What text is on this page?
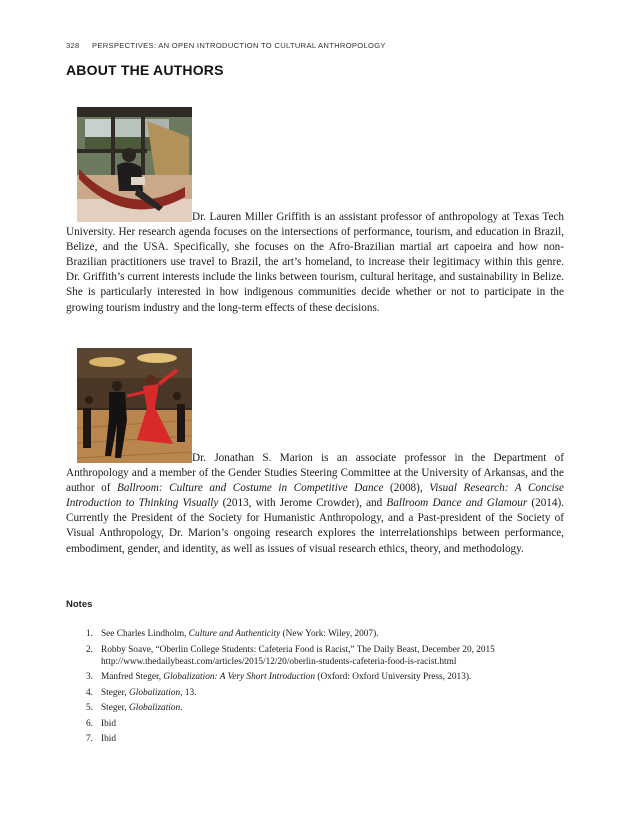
328 PERSPECTIVES: AN OPEN INTRODUCTION TO CULTURAL ANTHROPOLOGY
ABOUT THE AUTHORS

Dr. Lauren Miller Griffith is an assistant professor of anthropology at Texas Tech University. Her research agenda focuses on the intersections of performance, tourism, and education in Brazil, Belize, and the USA. Specifically, she focuses on the Afro-Brazilian martial art capoeira and how non-Brazilian practitioners use travel to Brazil, the art’s homeland, to increase their legitimacy within this genre. Dr. Griffith’s current interests include the links between tourism, cultural heritage, and sustainability in Belize. She is particularly interested in how indigenous communities decide whether or not to participate in the growing tourism industry and the long-term effects of these decisions.

Dr. Jonathan S. Marion is an associate professor in the Department of Anthropology and a member of the Gender Studies Steering Committee at the University of Arkansas, and the author of Ballroom: Culture and Costume in Competitive Dance (2008), Visual Research: A Concise Introduction to Thinking Visually (2013, with Jerome Crowder), and Ballroom Dance and Glamour (2014). Currently the President of the Society for Humanistic Anthropology, and a Past-president of the Society of Visual Anthropology, Dr. Marion’s ongoing research explores the interrelationships between performance, embodiment, gender, and identity, as well as issues of visual research ethics, theory, and methodology.

Notes
1. See Charles Lindholm, Culture and Authenticity (New York: Wiley, 2007).
2. Robby Soave, “Oberlin College Students: Cafeteria Food is Racist,” The Daily Beast, December 20, 2015 http://www.thedailybeast.com/articles/2015/12/20/oberlin-students-cafeteria-food-is-racist.html
3. Manfred Steger, Globalization: A Very Short Introduction (Oxford: Oxford University Press, 2013).
4. Steger, Globalization, 13.
5. Steger, Globalization.
6. Ibid
7. Ibid
